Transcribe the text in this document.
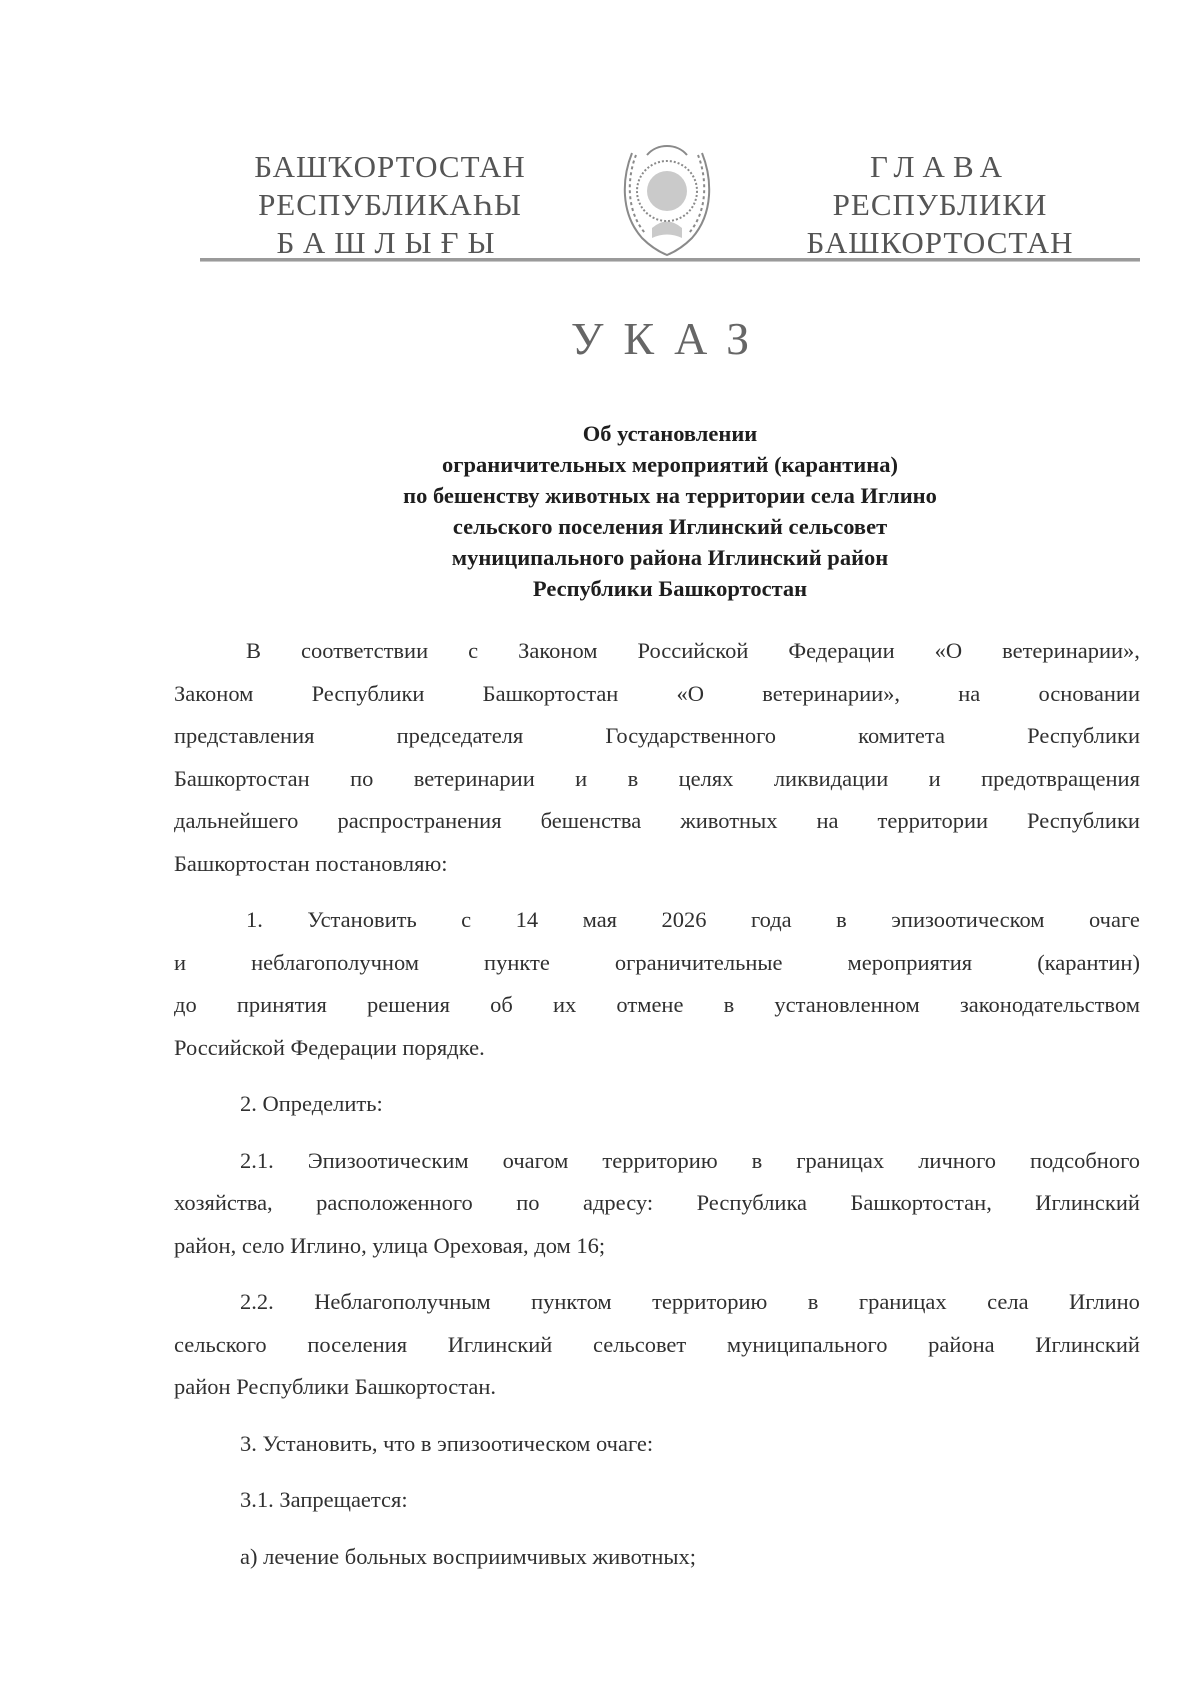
БАШҠОРТОСТАН
РЕСПУБЛИКАҺЫ
БАШЛЫҒЫ
ГЛАВА
РЕСПУБЛИКИ
БАШКОРТОСТАН
УКАЗ
Об установлении
ограничительных мероприятий (карантина)
по бешенству животных на территории села Иглино
сельского поселения Иглинский сельсовет
муниципального района Иглинский район
Республики Башкортостан
В соответствии с Законом Российской Федерации «О ветеринарии»,
Законом	Республики	Башкортостан	«О	ветеринарии»,	на	основании
представления	председателя	Государственного	комитета	Республики
Башкортостан по ветеринарии и в целях ликвидации и предотвращения
дальнейшего распространения бешенства животных на территории Республики
Башкортостан постановляю:
1. Установить с 14 мая 2026 года в эпизоотическом очаге
и	неблагополучном	пункте	ограничительные	мероприятия	(карантин)
до принятия решения об их отмене в установленном законодательством
Российской Федерации порядке.
2. Определить:
2.1. Эпизоотическим очагом территорию в границах личного подсобного
хозяйства, расположенного по адресу: Республика Башкортостан, Иглинский
район, село Иглино, улица Ореховая, дом 16;
2.2. Неблагополучным пунктом территорию в границах села Иглино
сельского поселения Иглинский сельсовет муниципального района Иглинский
район Республики Башкортостан.
3. Установить, что в эпизоотическом очаге:
3.1. Запрещается:
а) лечение больных восприимчивых животных;
